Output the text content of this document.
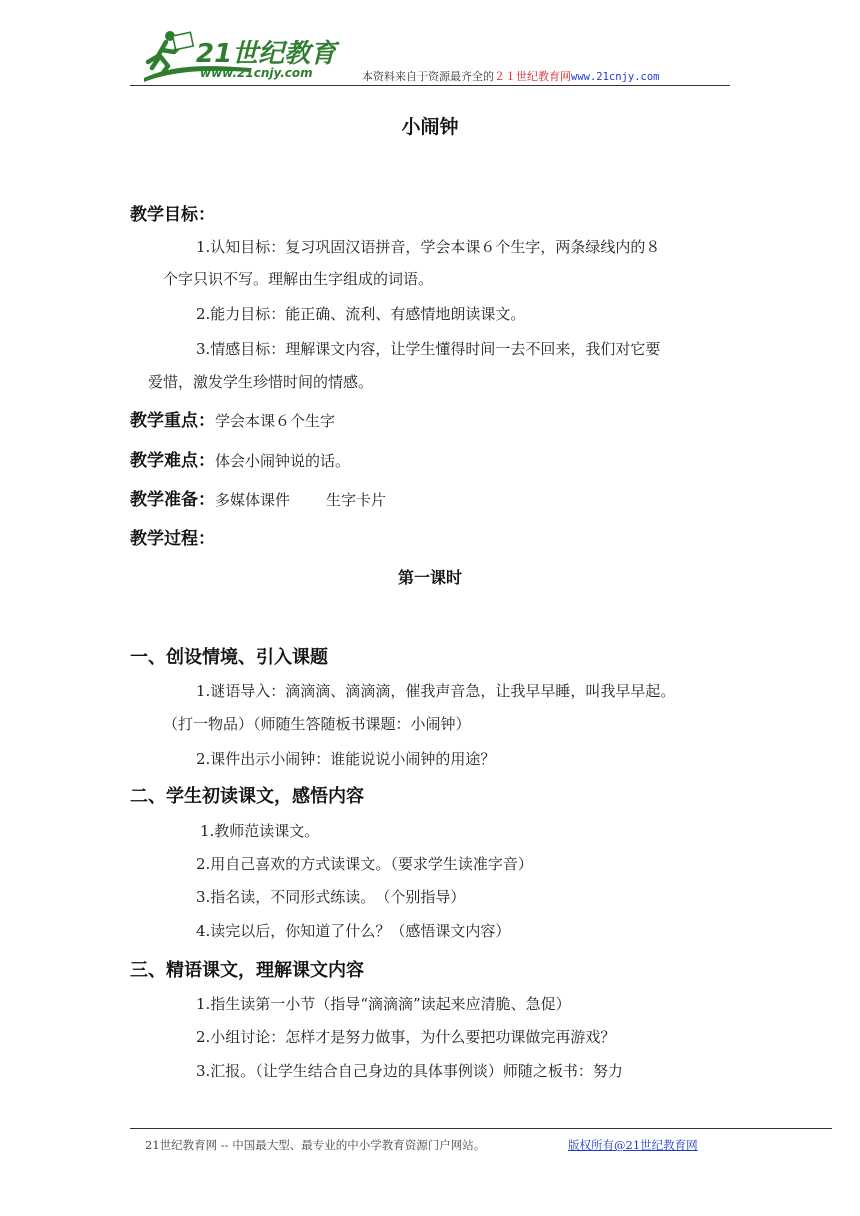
21世纪教育
www.21cnjy.com	本资料来自于资源最齐全的２１世纪教育网www.21cnjy.com
小闹钟
教学目标：
1.认知目标：复习巩固汉语拼音，学会本课６个生字，两条绿线内的８
个字只识不写。理解由生字组成的词语。
2.能力目标：能正确、流利、有感情地朗读课文。
3.情感目标：理解课文内容，让学生懂得时间一去不回来，我们对它要
爱惜，激发学生珍惜时间的情感。
教学重点：学会本课６个生字
教学难点：体会小闹钟说的话。
教学准备：多媒体课件 生字卡片
教学过程：
第一课时
一、创设情境、引入课题
1.谜语导入：滴滴滴、滴滴滴，催我声音急，让我早早睡，叫我早早起。
（打一物品）（师随生答随板书课题：小闹钟）
2.课件出示小闹钟：谁能说说小闹钟的用途？
二、学生初读课文，感悟内容
1.教师范读课文。
2.用自己喜欢的方式读课文。（要求学生读准字音）
3.指名读，不同形式练读。　（个别指导）
4.读完以后，你知道了什么？（感悟课文内容）
三、精语课文，理解课文内容
1.指生读第一小节（指导“滴滴滴”读起来应清脆、急促）
2.小组讨论：怎样才是努力做事，为什么要把功课做完再游戏？
3.汇报。（让学生结合自己身边的具体事例谈）师随之板书：努力
21世纪教育网 -- 中国最大型、最专业的中小学教育资源门户网站。	版权所有@21世纪教育网
